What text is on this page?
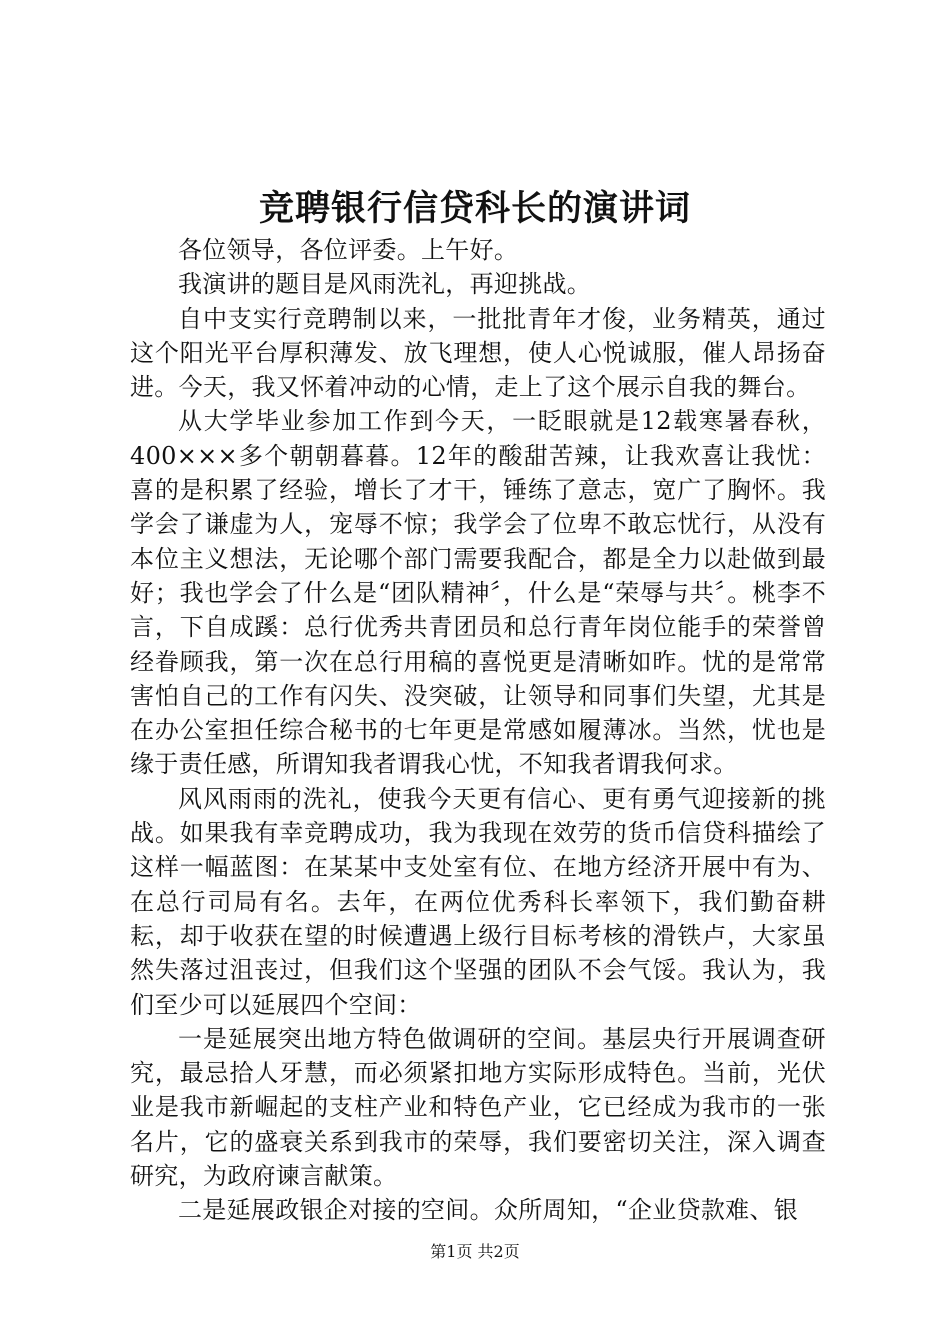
竞聘银行信贷科长的演讲词

各位领导，各位评委。上午好。

我演讲的题目是风雨洗礼，再迎挑战。

自中支实行竞聘制以来，一批批青年才俊，业务精英，通过这个阳光平台厚积薄发、放飞理想，使人心悦诚服，催人昂扬奋进。今天，我又怀着冲动的心情，走上了这个展示自我的舞台。

从大学毕业参加工作到今天，一眨眼就是12载寒暑春秋，400×××多个朝朝暮暮。12年的酸甜苦辣，让我欢喜让我忧：喜的是积累了经验，增长了才干，锤练了意志，宽广了胸怀。我学会了谦虚为人，宠辱不惊；我学会了位卑不敢忘忧行，从没有本位主义想法，无论哪个部门需要我配合，都是全力以赴做到最好；我也学会了什么是“团队精神〞，什么是“荣辱与共〞。桃李不言，下自成蹊：总行优秀共青团员和总行青年岗位能手的荣誉曾经眷顾我，第一次在总行用稿的喜悦更是清晰如昨。忧的是常常害怕自己的工作有闪失、没突破，让领导和同事们失望，尤其是在办公室担任综合秘书的七年更是常感如履薄冰。当然，忧也是缘于责任感，所谓知我者谓我心忧，不知我者谓我何求。

风风雨雨的洗礼，使我今天更有信心、更有勇气迎接新的挑战。如果我有幸竞聘成功，我为我现在效劳的货币信贷科描绘了这样一幅蓝图：在某某中支处室有位、在地方经济开展中有为、在总行司局有名。去年，在两位优秀科长率领下，我们勤奋耕耘，却于收获在望的时候遭遇上级行目标考核的滑铁卢，大家虽然失落过沮丧过，但我们这个坚强的团队不会气馁。我认为，我们至少可以延展四个空间：

一是延展突出地方特色做调研的空间。基层央行开展调查研究，最忌拾人牙慧，而必须紧扣地方实际形成特色。当前，光伏业是我市新崛起的支柱产业和特色产业，它已经成为我市的一张名片，它的盛衰关系到我市的荣辱，我们要密切关注，深入调查研究，为政府谏言献策。

二是延展政银企对接的空间。众所周知，“企业贷款难、银

第1页 共2页
